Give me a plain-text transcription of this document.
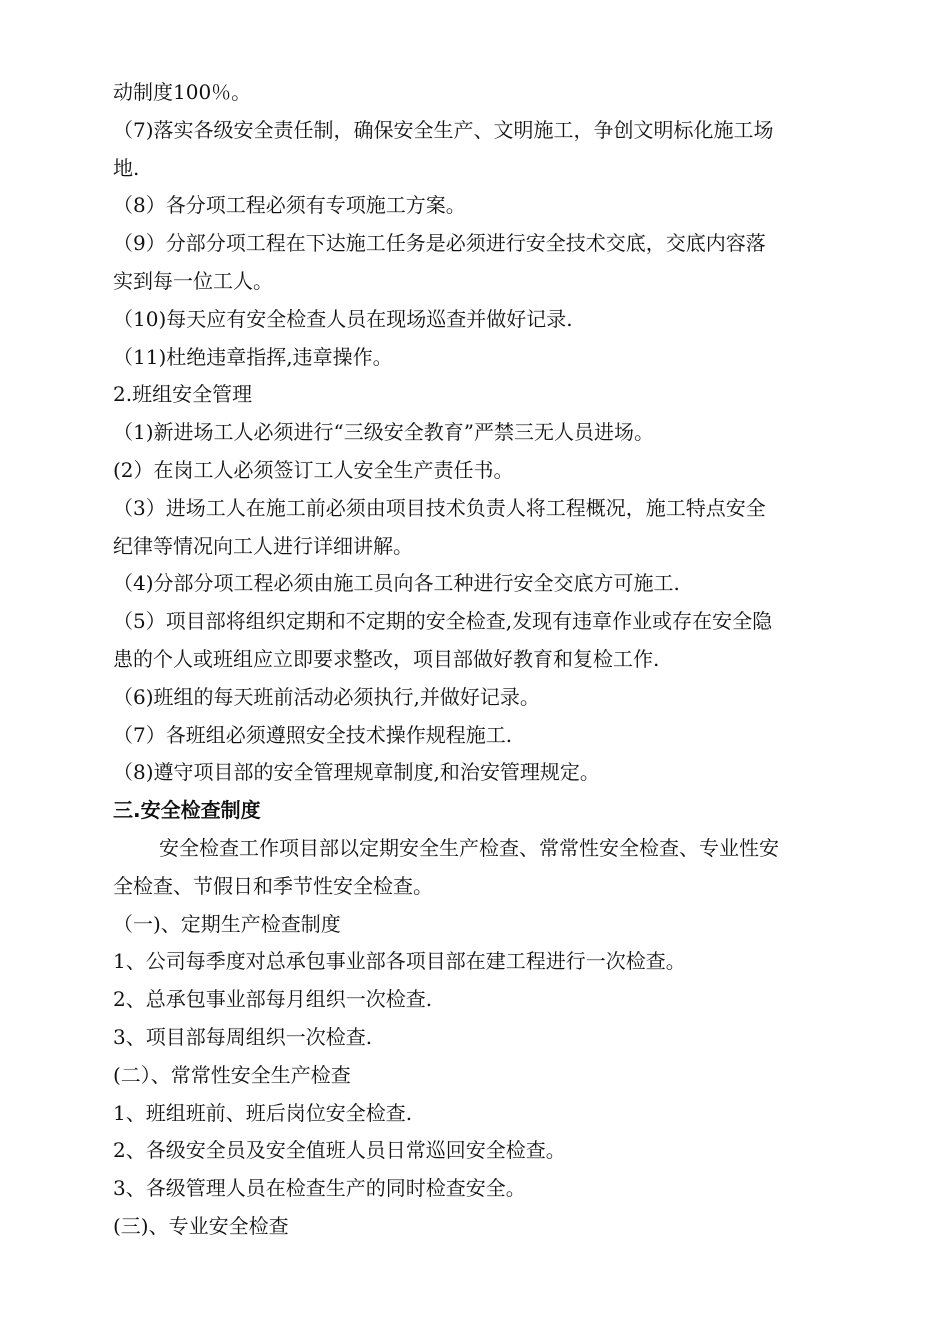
动制度100％。
（7)落实各级安全责任制，确保安全生产、文明施工，争创文明标化施工场
地.
（8）各分项工程必须有专项施工方案。
（9）分部分项工程在下达施工任务是必须进行安全技术交底，交底内容落
实到每一位工人。
（10)每天应有安全检查人员在现场巡查并做好记录.
（11)杜绝违章指挥,违章操作。
2.班组安全管理
（1)新进场工人必须进行“三级安全教育”严禁三无人员进场。
(2）在岗工人必须签订工人安全生产责任书。
（3）进场工人在施工前必须由项目技术负责人将工程概况，施工特点安全
纪律等情况向工人进行详细讲解。
（4)分部分项工程必须由施工员向各工种进行安全交底方可施工.
（5）项目部将组织定期和不定期的安全检查,发现有违章作业或存在安全隐
患的个人或班组应立即要求整改，项目部做好教育和复检工作.
（6)班组的每天班前活动必须执行,并做好记录。
（7）各班组必须遵照安全技术操作规程施工.
（8)遵守项目部的安全管理规章制度,和治安管理规定。
三.安全检查制度
安全检查工作项目部以定期安全生产检查、常常性安全检查、专业性安
全检查、节假日和季节性安全检查。
（一)、定期生产检查制度
1、公司每季度对总承包事业部各项目部在建工程进行一次检查。
2、总承包事业部每月组织一次检查.
3、项目部每周组织一次检查.
(二）、常常性安全生产检查
1、班组班前、班后岗位安全检查.
2、各级安全员及安全值班人员日常巡回安全检查。
3、各级管理人员在检查生产的同时检查安全。
(三)、专业安全检查
